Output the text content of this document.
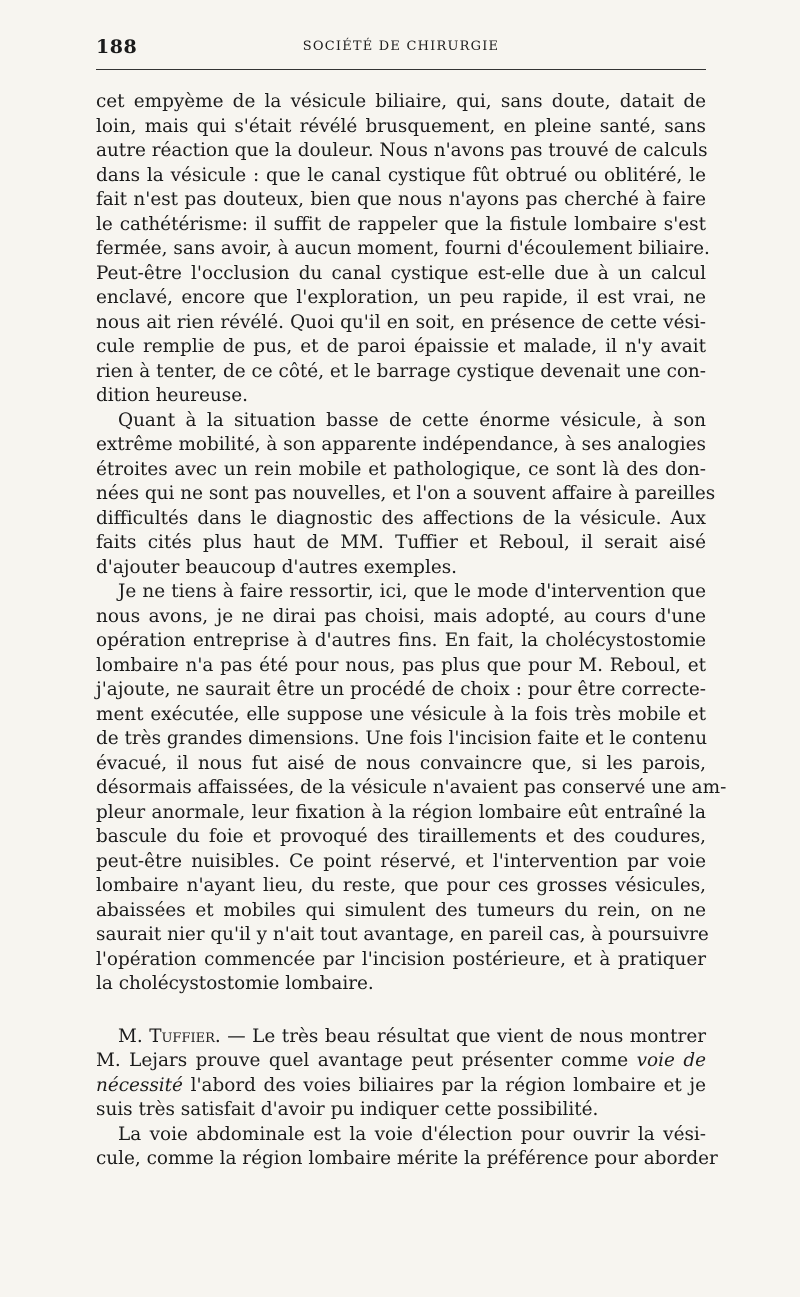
188	SOCIÉTÉ DE CHIRURGIE
cet empyème de la vésicule biliaire, qui, sans doute, datait de
loin, mais qui s'était révélé brusquement, en pleine santé, sans
autre réaction que la douleur. Nous n'avons pas trouvé de calculs
dans la vésicule : que le canal cystique fût obtrué ou oblitéré, le
fait n'est pas douteux, bien que nous n'ayons pas cherché à faire
le cathétérisme: il suffit de rappeler que la fistule lombaire s'est
fermée, sans avoir, à aucun moment, fourni d'écoulement biliaire.
Peut-être l'occlusion du canal cystique est-elle due à un calcul
enclavé, encore que l'exploration, un peu rapide, il est vrai, ne
nous ait rien révélé. Quoi qu'il en soit, en présence de cette vési-
cule remplie de pus, et de paroi épaissie et malade, il n'y avait
rien à tenter, de ce côté, et le barrage cystique devenait une con-
dition heureuse.
Quant à la situation basse de cette énorme vésicule, à son
extrême mobilité, à son apparente indépendance, à ses analogies
étroites avec un rein mobile et pathologique, ce sont là des don-
nées qui ne sont pas nouvelles, et l'on a souvent affaire à pareilles
difficultés dans le diagnostic des affections de la vésicule. Aux
faits cités plus haut de MM. Tuffier et Reboul, il serait aisé
d'ajouter beaucoup d'autres exemples.
Je ne tiens à faire ressortir, ici, que le mode d'intervention que
nous avons, je ne dirai pas choisi, mais adopté, au cours d'une
opération entreprise à d'autres fins. En fait, la cholécystostomie
lombaire n'a pas été pour nous, pas plus que pour M. Reboul, et
j'ajoute, ne saurait être un procédé de choix : pour être correcte-
ment exécutée, elle suppose une vésicule à la fois très mobile et
de très grandes dimensions. Une fois l'incision faite et le contenu
évacué, il nous fut aisé de nous convaincre que, si les parois,
désormais affaissées, de la vésicule n'avaient pas conservé une am-
pleur anormale, leur fixation à la région lombaire eût entraîné la
bascule du foie et provoqué des tiraillements et des coudures,
peut-être nuisibles. Ce point réservé, et l'intervention par voie
lombaire n'ayant lieu, du reste, que pour ces grosses vésicules,
abaissées et mobiles qui simulent des tumeurs du rein, on ne
saurait nier qu'il y n'ait tout avantage, en pareil cas, à poursuivre
l'opération commencée par l'incision postérieure, et à pratiquer
la cholécystostomie lombaire.
M. Tuffier. — Le très beau résultat que vient de nous montrer
M. Lejars prouve quel avantage peut présenter comme voie de
nécessité l'abord des voies biliaires par la région lombaire et je
suis très satisfait d'avoir pu indiquer cette possibilité.
La voie abdominale est la voie d'élection pour ouvrir la vési-
cule, comme la région lombaire mérite la préférence pour aborder
